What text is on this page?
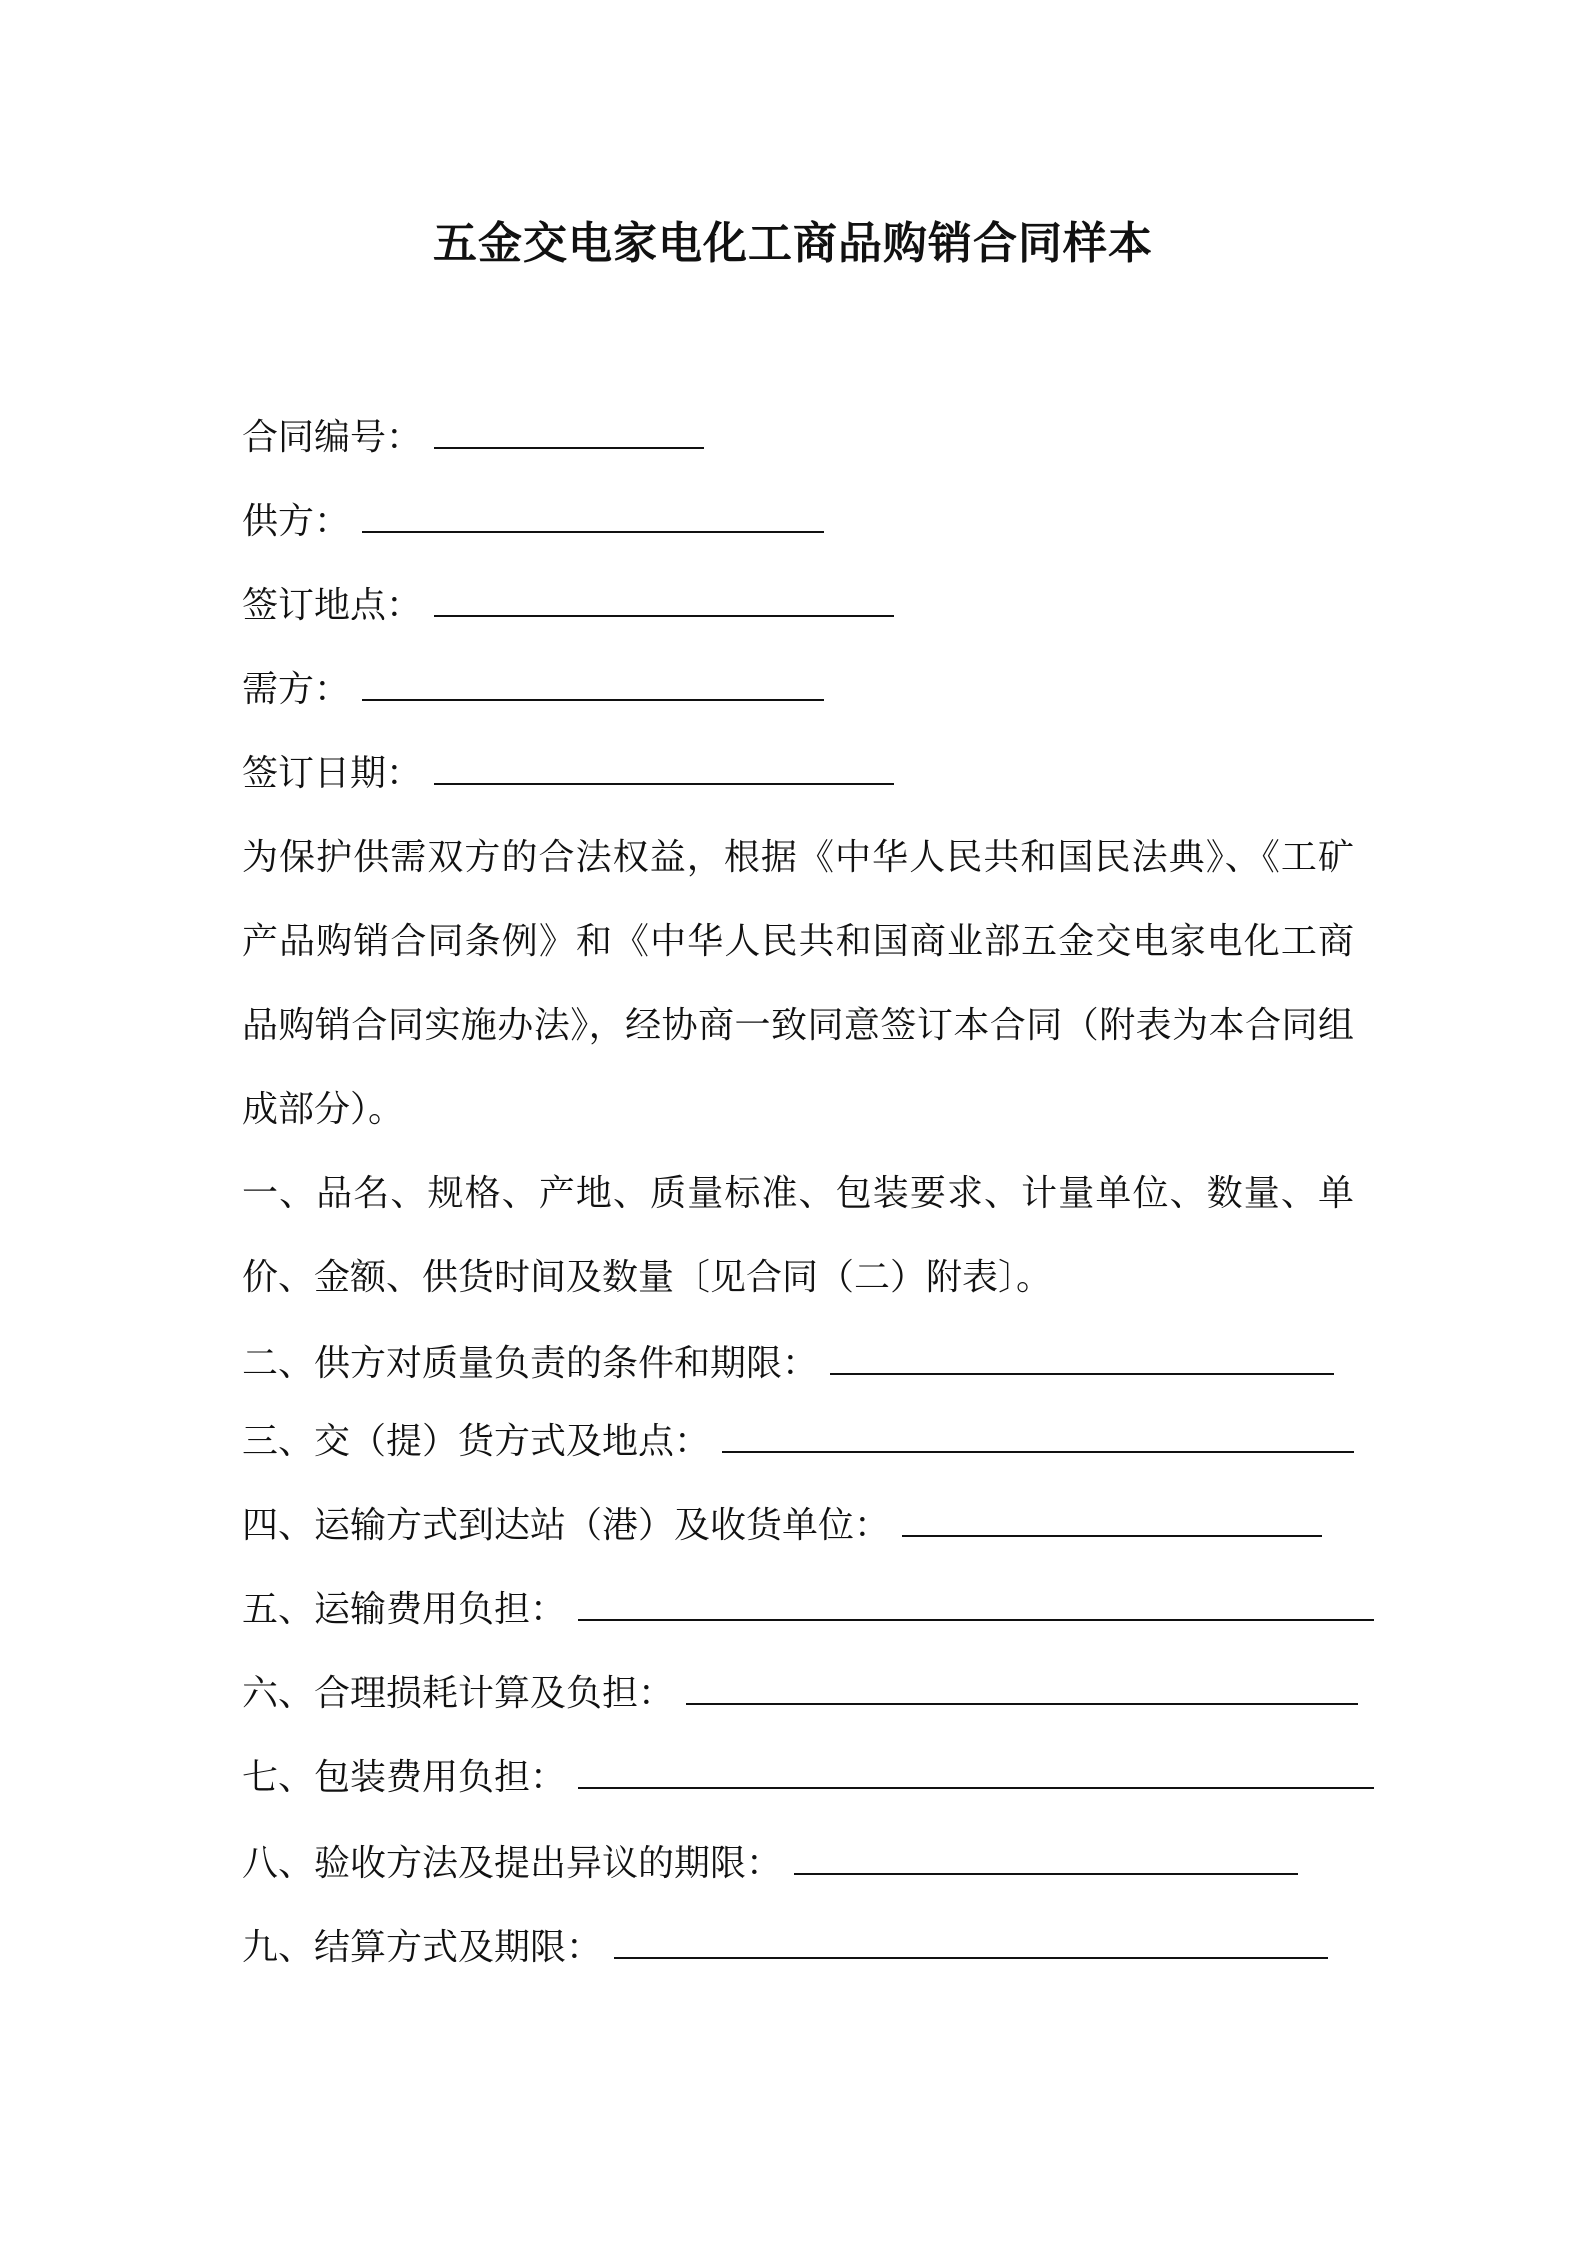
五金交电家电化工商品购销合同样本
合同编号：
供方：
签订地点：
需方：
签订日期：

为保护供需双方的合法权益，根据《中华人民共和国民法典》、《工矿产品购销合同条例》和《中华人民共和国商业部五金交电家电化工商品购销合同实施办法》，经协商一致同意签订本合同（附表为本合同组成部分）。

一、品名、规格、产地、质量标准、包装要求、计量单位、数量、单价、金额、供货时间及数量〔见合同（二）附表〕。

二、供方对质量负责的条件和期限：
三、交（提）货方式及地点：
四、运输方式到达站（港）及收货单位：
五、运输费用负担：
六、合理损耗计算及负担：
七、包装费用负担：
八、验收方法及提出异议的期限：
九、结算方式及期限：
